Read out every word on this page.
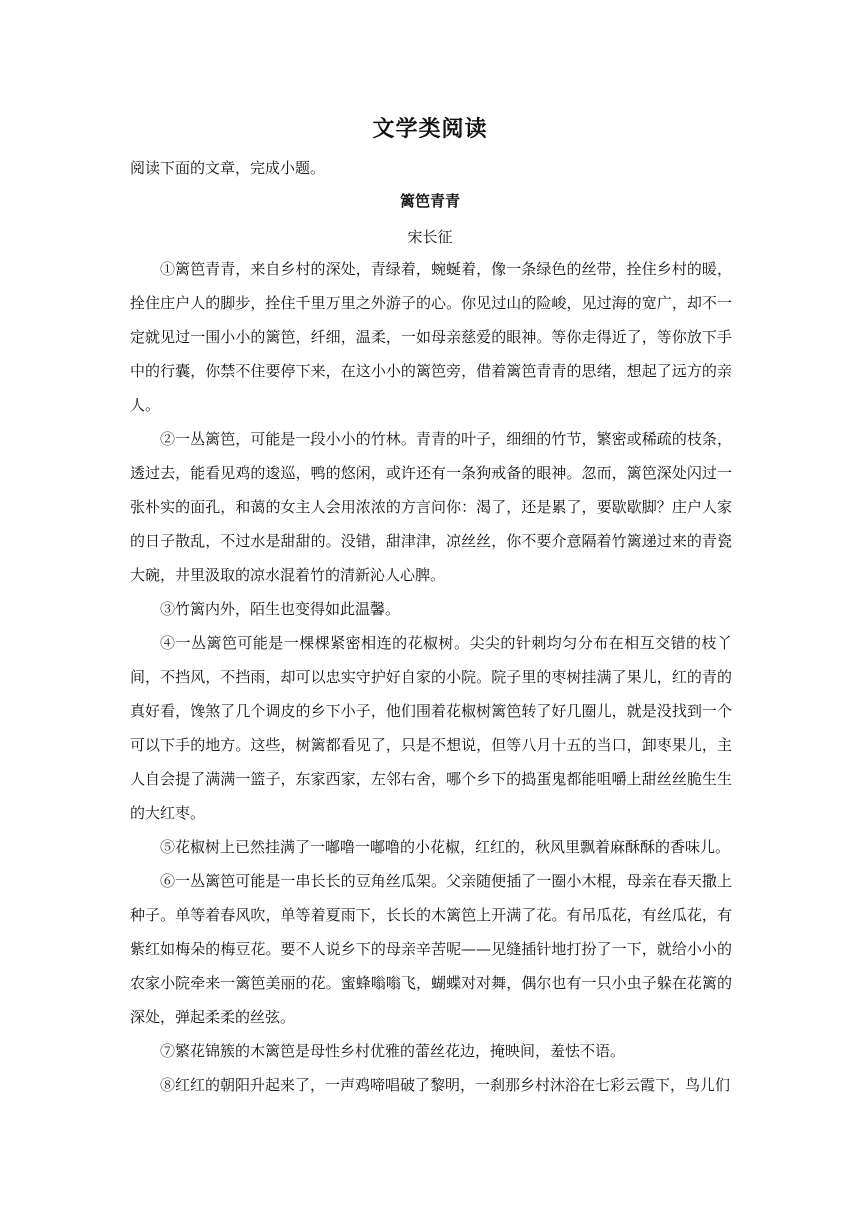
文学类阅读

阅读下面的文章，完成小题。

篱笆青青

宋长征

①篱笆青青，来自乡村的深处，青绿着，蜿蜒着，像一条绿色的丝带，拴住乡村的暖，拴住庄户人的脚步，拴住千里万里之外游子的心。你见过山的险峻，见过海的宽广，却不一定就见过一围小小的篱笆，纤细，温柔，一如母亲慈爱的眼神。等你走得近了，等你放下手中的行囊，你禁不住要停下来，在这小小的篱笆旁，借着篱笆青青的思绪，想起了远方的亲人。

②一丛篱笆，可能是一段小小的竹林。青青的叶子，细细的竹节，繁密或稀疏的枝条，透过去，能看见鸡的逡巡，鸭的悠闲，或许还有一条狗戒备的眼神。忽而，篱笆深处闪过一张朴实的面孔，和蔼的女主人会用浓浓的方言问你：渴了，还是累了，要歇歇脚？庄户人家的日子散乱，不过水是甜甜的。没错，甜津津，凉丝丝，你不要介意隔着竹篱递过来的青瓷大碗，井里汲取的凉水混着竹的清新沁人心脾。

③竹篱内外，陌生也变得如此温馨。

④一丛篱笆可能是一棵棵紧密相连的花椒树。尖尖的针刺均匀分布在相互交错的枝丫间，不挡风，不挡雨，却可以忠实守护好自家的小院。院子里的枣树挂满了果儿，红的青的真好看，馋煞了几个调皮的乡下小子，他们围着花椒树篱笆转了好几圈儿，就是没找到一个可以下手的地方。这些，树篱都看见了，只是不想说，但等八月十五的当口，卸枣果儿，主人自会提了满满一篮子，东家西家，左邻右舍，哪个乡下的捣蛋鬼都能咀嚼上甜丝丝脆生生的大红枣。

⑤花椒树上已然挂满了一嘟噜一嘟噜的小花椒，红红的，秋风里飘着麻酥酥的香味儿。

⑥一丛篱笆可能是一串长长的豆角丝瓜架。父亲随便插了一圈小木棍，母亲在春天撒上种子。单等着春风吹，单等着夏雨下，长长的木篱笆上开满了花。有吊瓜花，有丝瓜花，有紫红如梅朵的梅豆花。要不人说乡下的母亲辛苦呢——见缝插针地打扮了一下，就给小小的农家小院牵来一篱笆美丽的花。蜜蜂嗡嗡飞，蝴蝶对对舞，偶尔也有一只小虫子躲在花篱的深处，弹起柔柔的丝弦。

⑦繁花锦簇的木篱笆是母性乡村优雅的蕾丝花边，掩映间，羞怯不语。

⑧红红的朝阳升起来了，一声鸡啼唱破了黎明，一刹那乡村沐浴在七彩云霞下，鸟儿们
